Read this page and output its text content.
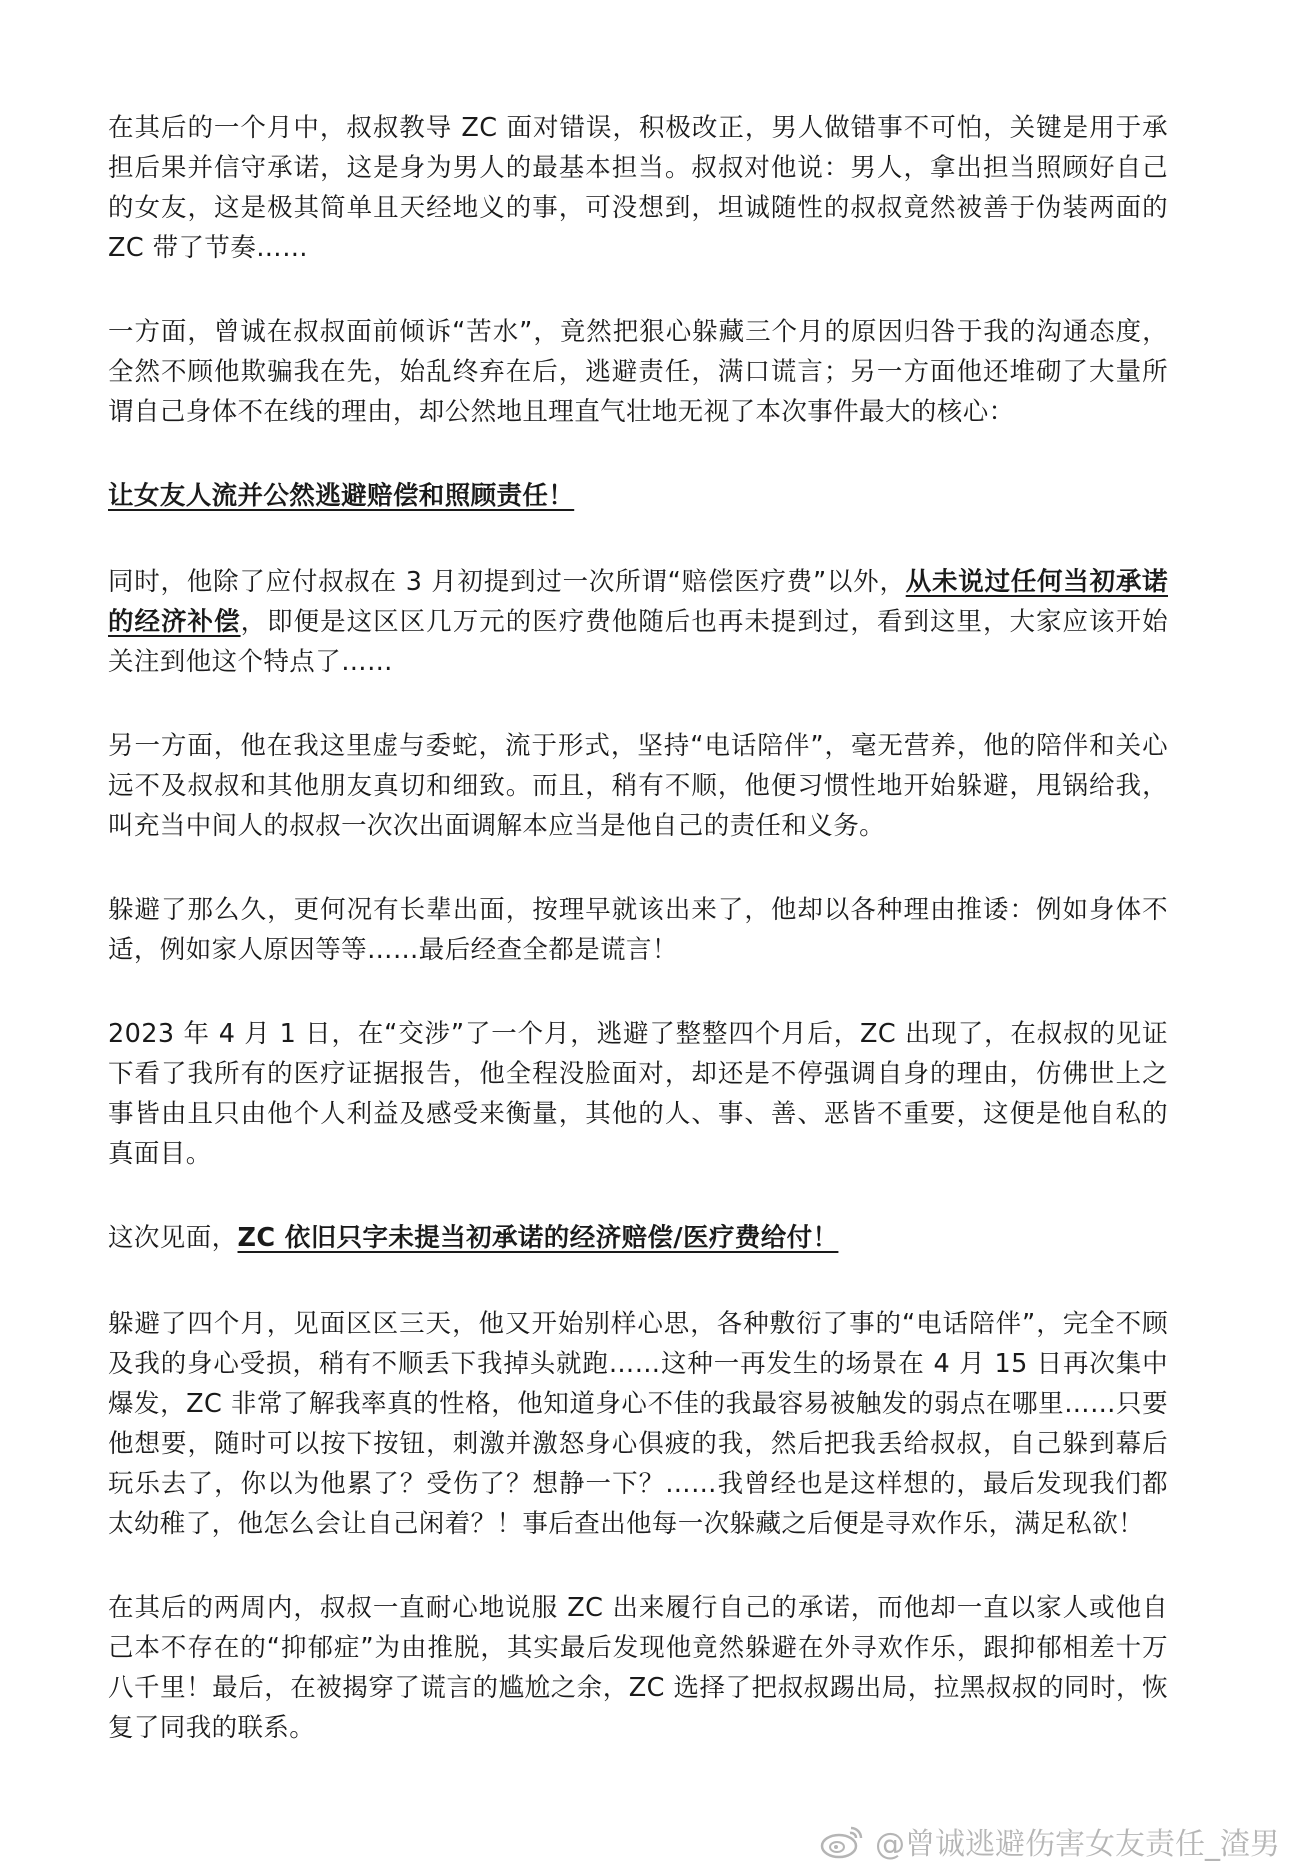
在其后的一个月中，叔叔教导 ZC 面对错误，积极改正，男人做错事不可怕，关键是用于承担后果并信守承诺，这是身为男人的最基本担当。叔叔对他说：男人，拿出担当照顾好自己的女友，这是极其简单且天经地义的事，可没想到，坦诚随性的叔叔竟然被善于伪装两面的 ZC 带了节奏……

一方面，曾诚在叔叔面前倾诉“苦水”，竟然把狠心躲藏三个月的原因归咎于我的沟通态度，全然不顾他欺骗我在先，始乱终弃在后，逃避责任，满口谎言；另一方面他还堆砌了大量所谓自己身体不在线的理由，却公然地且理直气壮地无视了本次事件最大的核心：

让女友人流并公然逃避赔偿和照顾责任！

同时，他除了应付叔叔在 3 月初提到过一次所谓“赔偿医疗费”以外，从未说过任何当初承诺的经济补偿，即便是这区区几万元的医疗费他随后也再未提到过，看到这里，大家应该开始关注到他这个特点了……

另一方面，他在我这里虚与委蛇，流于形式，坚持“电话陪伴”，毫无营养，他的陪伴和关心远不及叔叔和其他朋友真切和细致。而且，稍有不顺，他便习惯性地开始躲避，甩锅给我，叫充当中间人的叔叔一次次出面调解本应当是他自己的责任和义务。

躲避了那么久，更何况有长辈出面，按理早就该出来了，他却以各种理由推诿：例如身体不适，例如家人原因等等……最后经查全都是谎言！

2023 年 4 月 1 日，在“交涉”了一个月，逃避了整整四个月后，ZC 出现了，在叔叔的见证下看了我所有的医疗证据报告，他全程没脸面对，却还是不停强调自身的理由，仿佛世上之事皆由且只由他个人利益及感受来衡量，其他的人、事、善、恶皆不重要，这便是他自私的真面目。

这次见面，ZC 依旧只字未提当初承诺的经济赔偿/医疗费给付！

躲避了四个月，见面区区三天，他又开始别样心思，各种敷衍了事的“电话陪伴”，完全不顾及我的身心受损，稍有不顺丢下我掉头就跑……这种一再发生的场景在 4 月 15 日再次集中爆发，ZC 非常了解我率真的性格，他知道身心不佳的我最容易被触发的弱点在哪里……只要他想要，随时可以按下按钮，刺激并激怒身心俱疲的我，然后把我丢给叔叔，自己躲到幕后玩乐去了，你以为他累了？受伤了？想静一下？……我曾经也是这样想的，最后发现我们都太幼稚了，他怎么会让自己闲着？！事后查出他每一次躲藏之后便是寻欢作乐，满足私欲！

在其后的两周内，叔叔一直耐心地说服 ZC 出来履行自己的承诺，而他却一直以家人或他自己本不存在的“抑郁症”为由推脱，其实最后发现他竟然躲避在外寻欢作乐，跟抑郁相差十万八千里！最后，在被揭穿了谎言的尴尬之余，ZC 选择了把叔叔踢出局，拉黑叔叔的同时，恢复了同我的联系。

@曾诚逃避伤害女友责任_渣男
